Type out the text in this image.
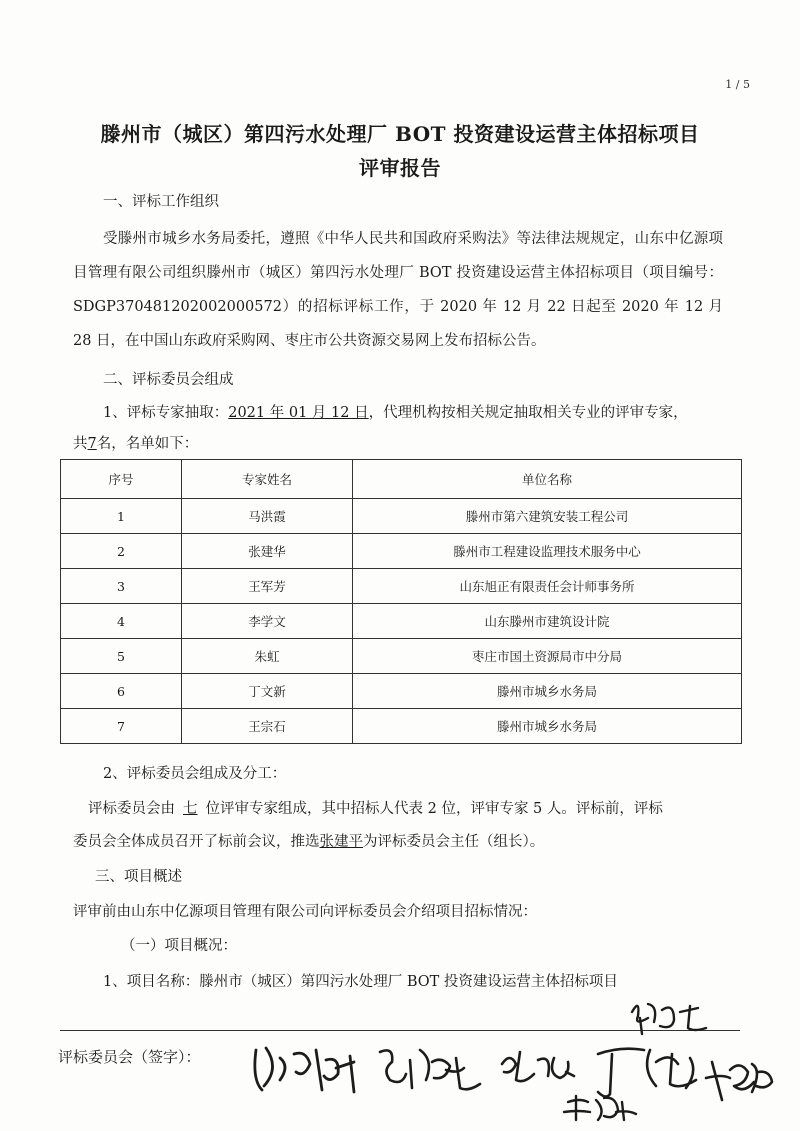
1 / 5
滕州市（城区）第四污水处理厂 BOT 投资建设运营主体招标项目
评审报告
一、评标工作组织
受滕州市城乡水务局委托，遵照《中华人民共和国政府采购法》等法律法规规定，山东中亿源项目管理有限公司组织滕州市（城区）第四污水处理厂 BOT 投资建设运营主体招标项目（项目编号：SDGP370481202002000572）的招标评标工作，于 2020 年 12 月 22 日起至 2020 年 12 月 28 日，在中国山东政府采购网、枣庄市公共资源交易网上发布招标公告。
二、评标委员会组成
1、评标专家抽取：2021 年 01 月 12 日，代理机构按相关规定抽取相关专业的评审专家，
共7名，名单如下：
序号	专家姓名	单位名称
1	马洪霞	滕州市第六建筑安装工程公司
2	张建华	滕州市工程建设监理技术服务中心
3	王军芳	山东旭正有限责任会计师事务所
4	李学文	山东滕州市建筑设计院
5	朱虹	枣庄市国土资源局市中分局
6	丁文新	滕州市城乡水务局
7	王宗石	滕州市城乡水务局
2、评标委员会组成及分工：
评标委员会由 七 位评审专家组成，其中招标人代表 2 位，评审专家 5 人。评标前，评标
委员会全体成员召开了标前会议，推选张建平为评标委员会主任（组长）。
三、项目概述
评审前由山东中亿源项目管理有限公司向评标委员会介绍项目招标情况：
（一）项目概况：
1、项目名称：滕州市（城区）第四污水处理厂 BOT 投资建设运营主体招标项目
评标委员会（签字）：
